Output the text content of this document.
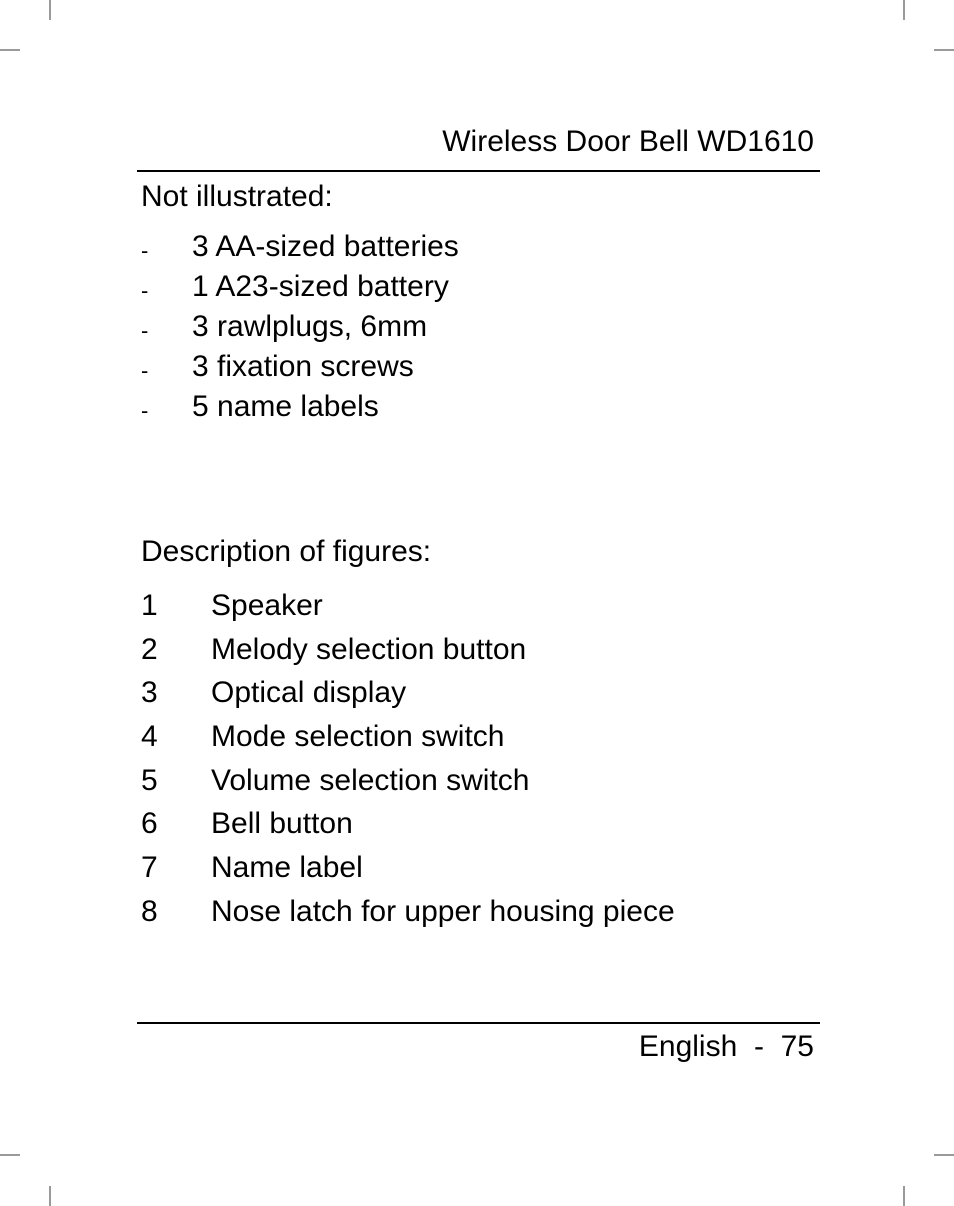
Wireless Door Bell WD1610
Not illustrated:
- 3 AA-sized batteries
- 1 A23-sized battery
- 3 rawlplugs, 6mm
- 3 fixation screws
- 5 name labels
Description of figures:
1 Speaker
2 Melody selection button
3 Optical display
4 Mode selection switch
5 Volume selection switch
6 Bell button
7 Name label
8 Nose latch for upper housing piece
English - 75
